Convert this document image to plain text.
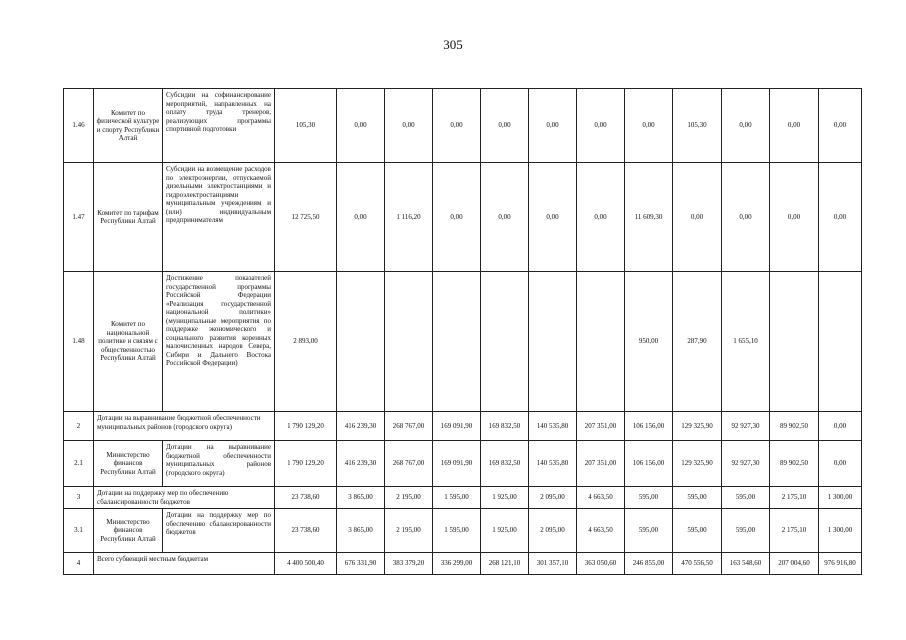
305
1.46	Комитет по физической культуре и спорту Республики Алтай	Субсидии на софинансирование мероприятий, направленных на оплату труда тренеров, реализующих программы спортивной подготовки	105,30	0,00	0,00	0,00	0,00	0,00	0,00	0,00	105,30	0,00	0,00	0,00
1.47	Комитет по тарифам Республики Алтай	Субсидии на возмещение расходов по электроэнергии, отпускаемой дизельными электростанциями и гидроэлектростанциями муниципальным учреждениям и (или) индивидуальным предпринимателям	12 725,50	0,00	1 116,20	0,00	0,00	0,00	0,00	11 609,30	0,00	0,00	0,00	0,00
1.48	Комитет по национальной политике и связям с общественностью Республики Алтай	Достижение показателей государственной программы Российской Федерации «Реализация государственной национальной политики» (муниципальные мероприятия по поддержке экономического и социального развития коренных малочисленных народов Севера, Сибири и Дальнего Востока Российской Федерации)	2 893,00							950,00	287,90	1 655,10		
2	Дотации на выравнивание бюджетной обеспеченности муниципальных районов (городского округа)		1 790 129,20	416 239,30	268 767,00	169 091,90	169 832,50	140 535,80	207 351,00	106 156,00	129 325,90	92 927,30	89 902,50	0,00
2.1	Министерство финансов Республики Алтай	Дотации на выравнивание бюджетной обеспеченности муниципальных районов (городского округа)	1 790 129,20	416 239,30	268 767,00	169 091,90	169 832,50	140 535,80	207 351,00	106 156,00	129 325,90	92 927,30	89 902,50	0,00
3	Дотации на поддержку мер по обеспечению сбалансированности бюджетов		23 738,60	3 865,00	2 195,00	1 595,00	1 925,00	2 095,00	4 663,50	595,00	595,00	595,00	2 175,10	1 300,00
3.1	Министерство финансов Республики Алтай	Дотации на поддержку мер по обеспечению сбалансированности бюджетов	23 738,60	3 865,00	2 195,00	1 595,00	1 925,00	2 095,00	4 663,50	595,00	595,00	595,00	2 175,10	1 300,00
4	Всего субвенций местным бюджетам		4 400 500,40	676 331,90	383 379,20	336 299,00	268 121,10	301 357,10	363 050,60	246 855,00	470 556,50	163 548,60	207 004,60	976 916,80
